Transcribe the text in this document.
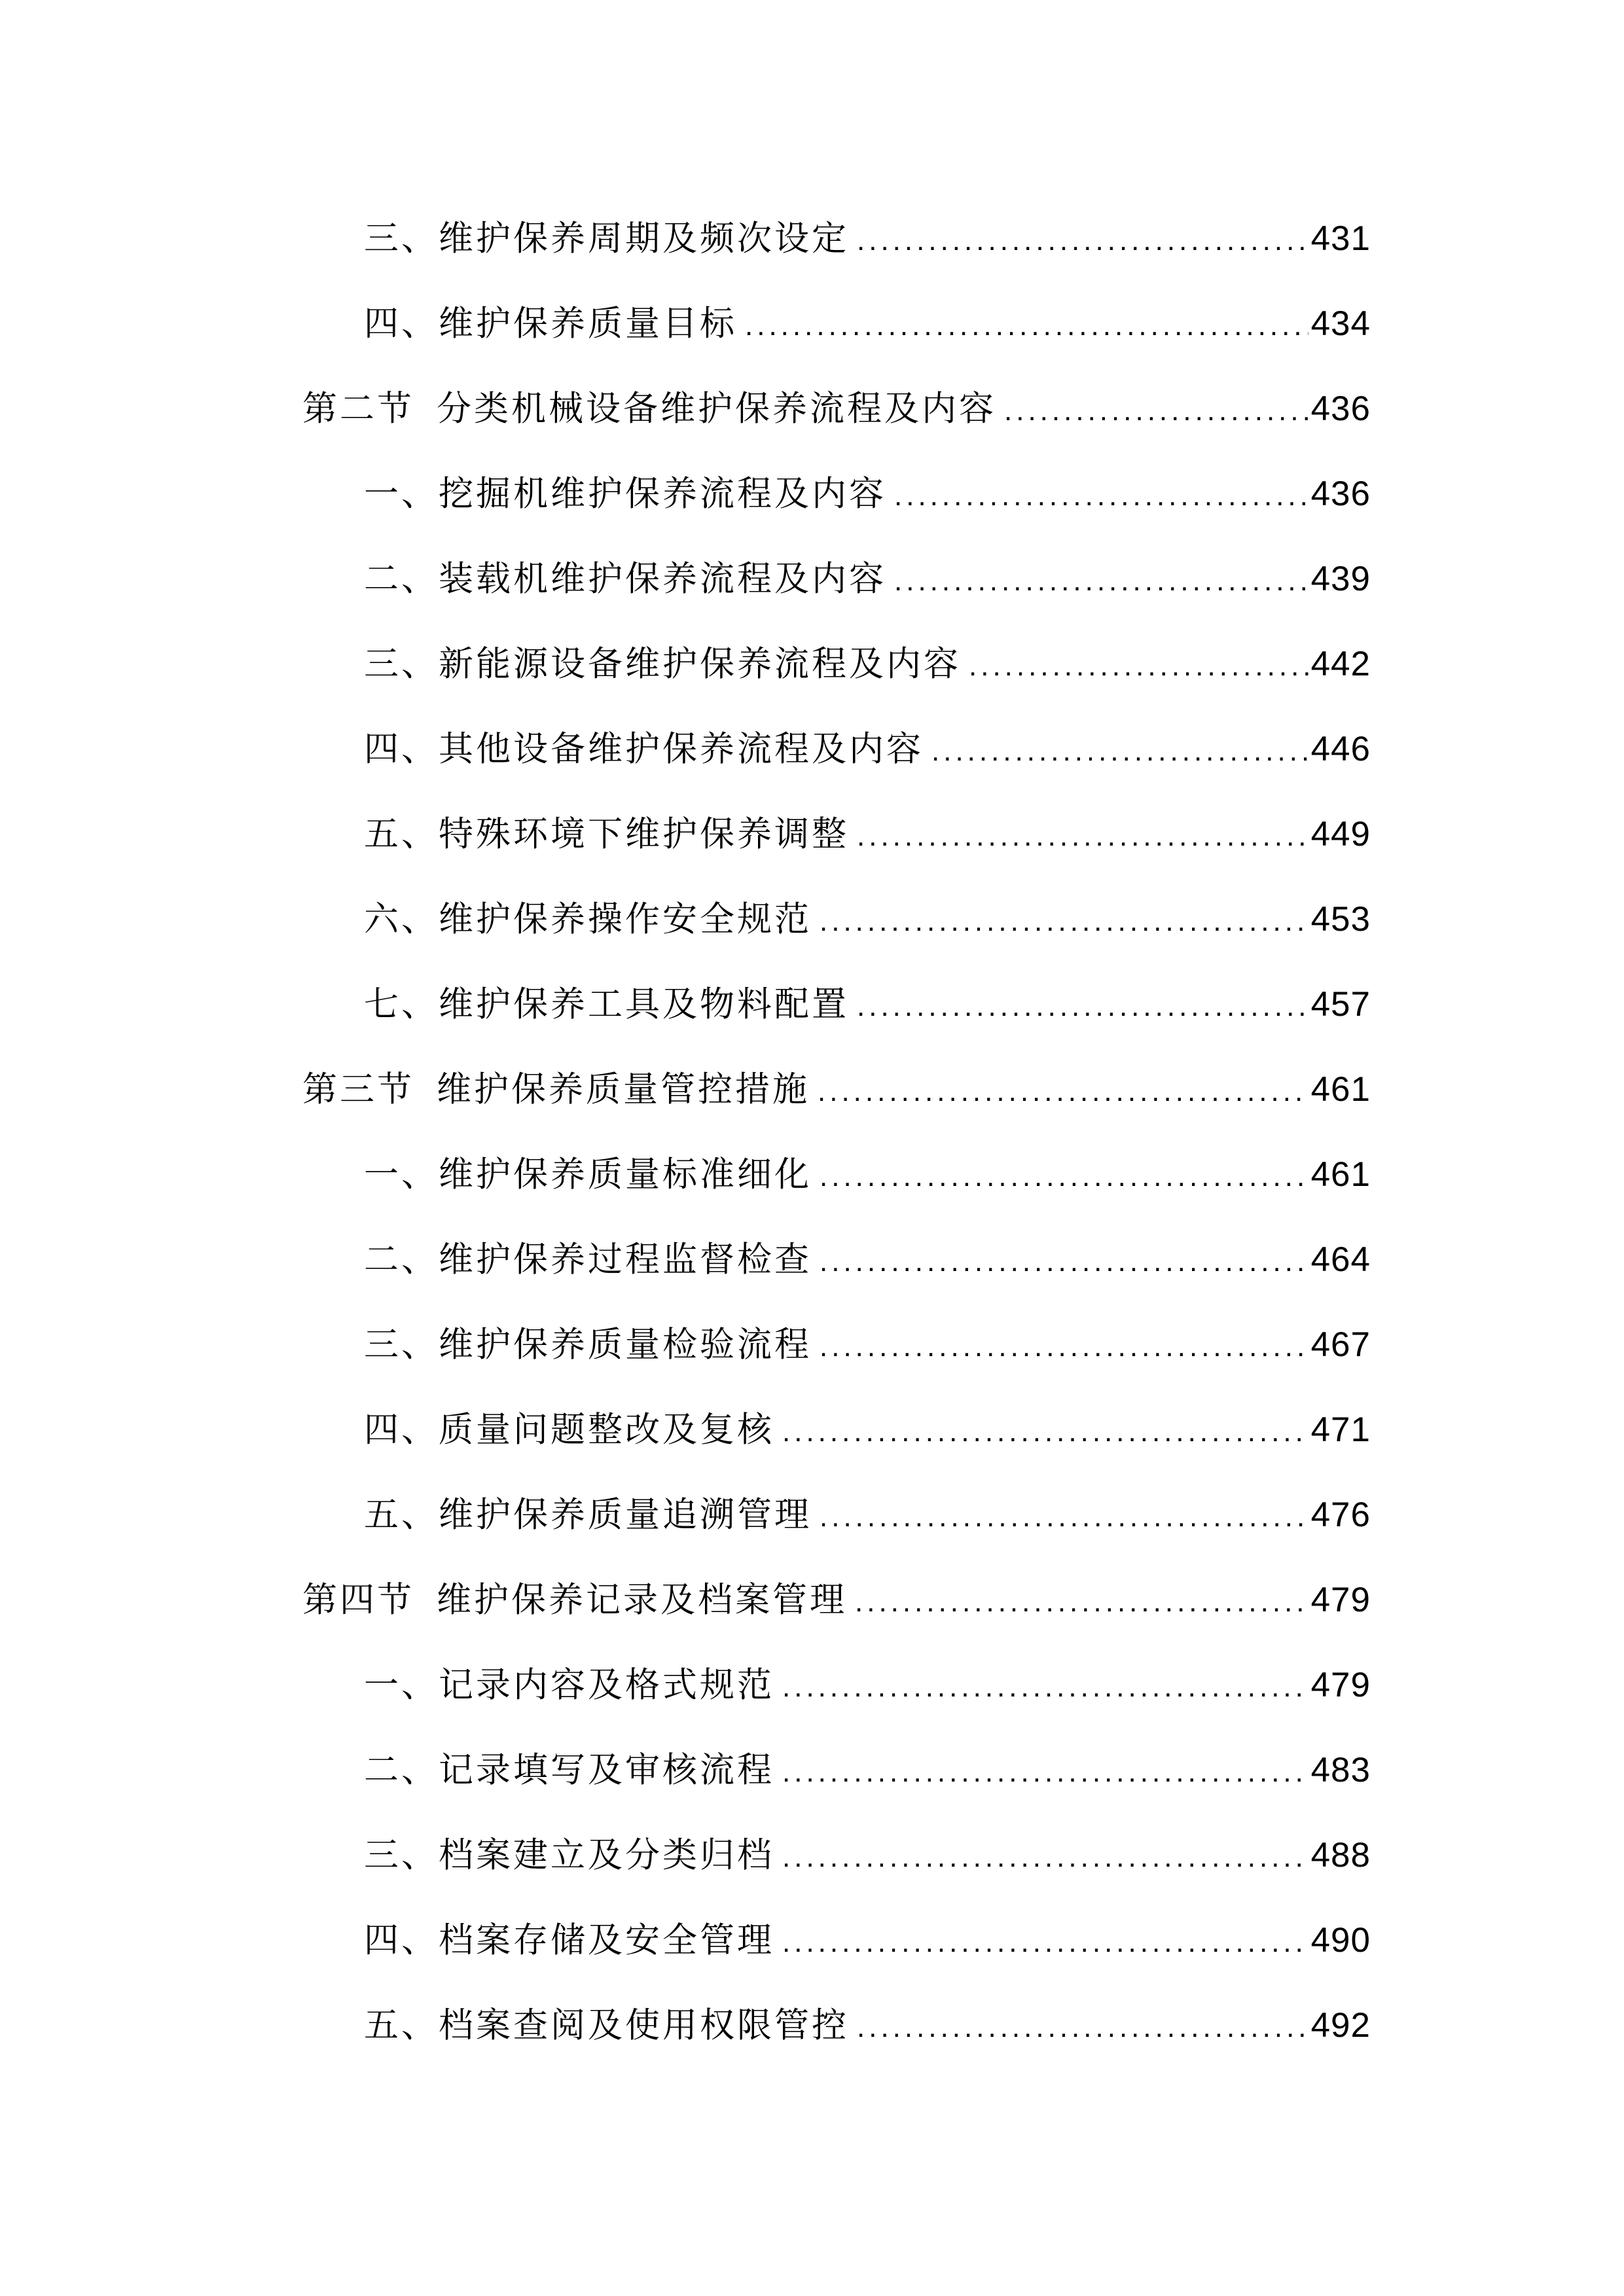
三、维护保养周期及频次设定 .....	431
四、维护保养质量目标 .....	434
第二节 分类机械设备维护保养流程及内容 .....	436
一、挖掘机维护保养流程及内容 .....	436
二、装载机维护保养流程及内容 .....	439
三、新能源设备维护保养流程及内容 .....	442
四、其他设备维护保养流程及内容 .....	446
五、特殊环境下维护保养调整 .....	449
六、维护保养操作安全规范 .....	453
七、维护保养工具及物料配置 .....	457
第三节 维护保养质量管控措施 .....	461
一、维护保养质量标准细化 .....	461
二、维护保养过程监督检查 .....	464
三、维护保养质量检验流程 .....	467
四、质量问题整改及复核 .....	471
五、维护保养质量追溯管理 .....	476
第四节 维护保养记录及档案管理 .....	479
一、记录内容及格式规范 .....	479
二、记录填写及审核流程 .....	483
三、档案建立及分类归档 .....	488
四、档案存储及安全管理 .....	490
五、档案查阅及使用权限管控 .....	492
